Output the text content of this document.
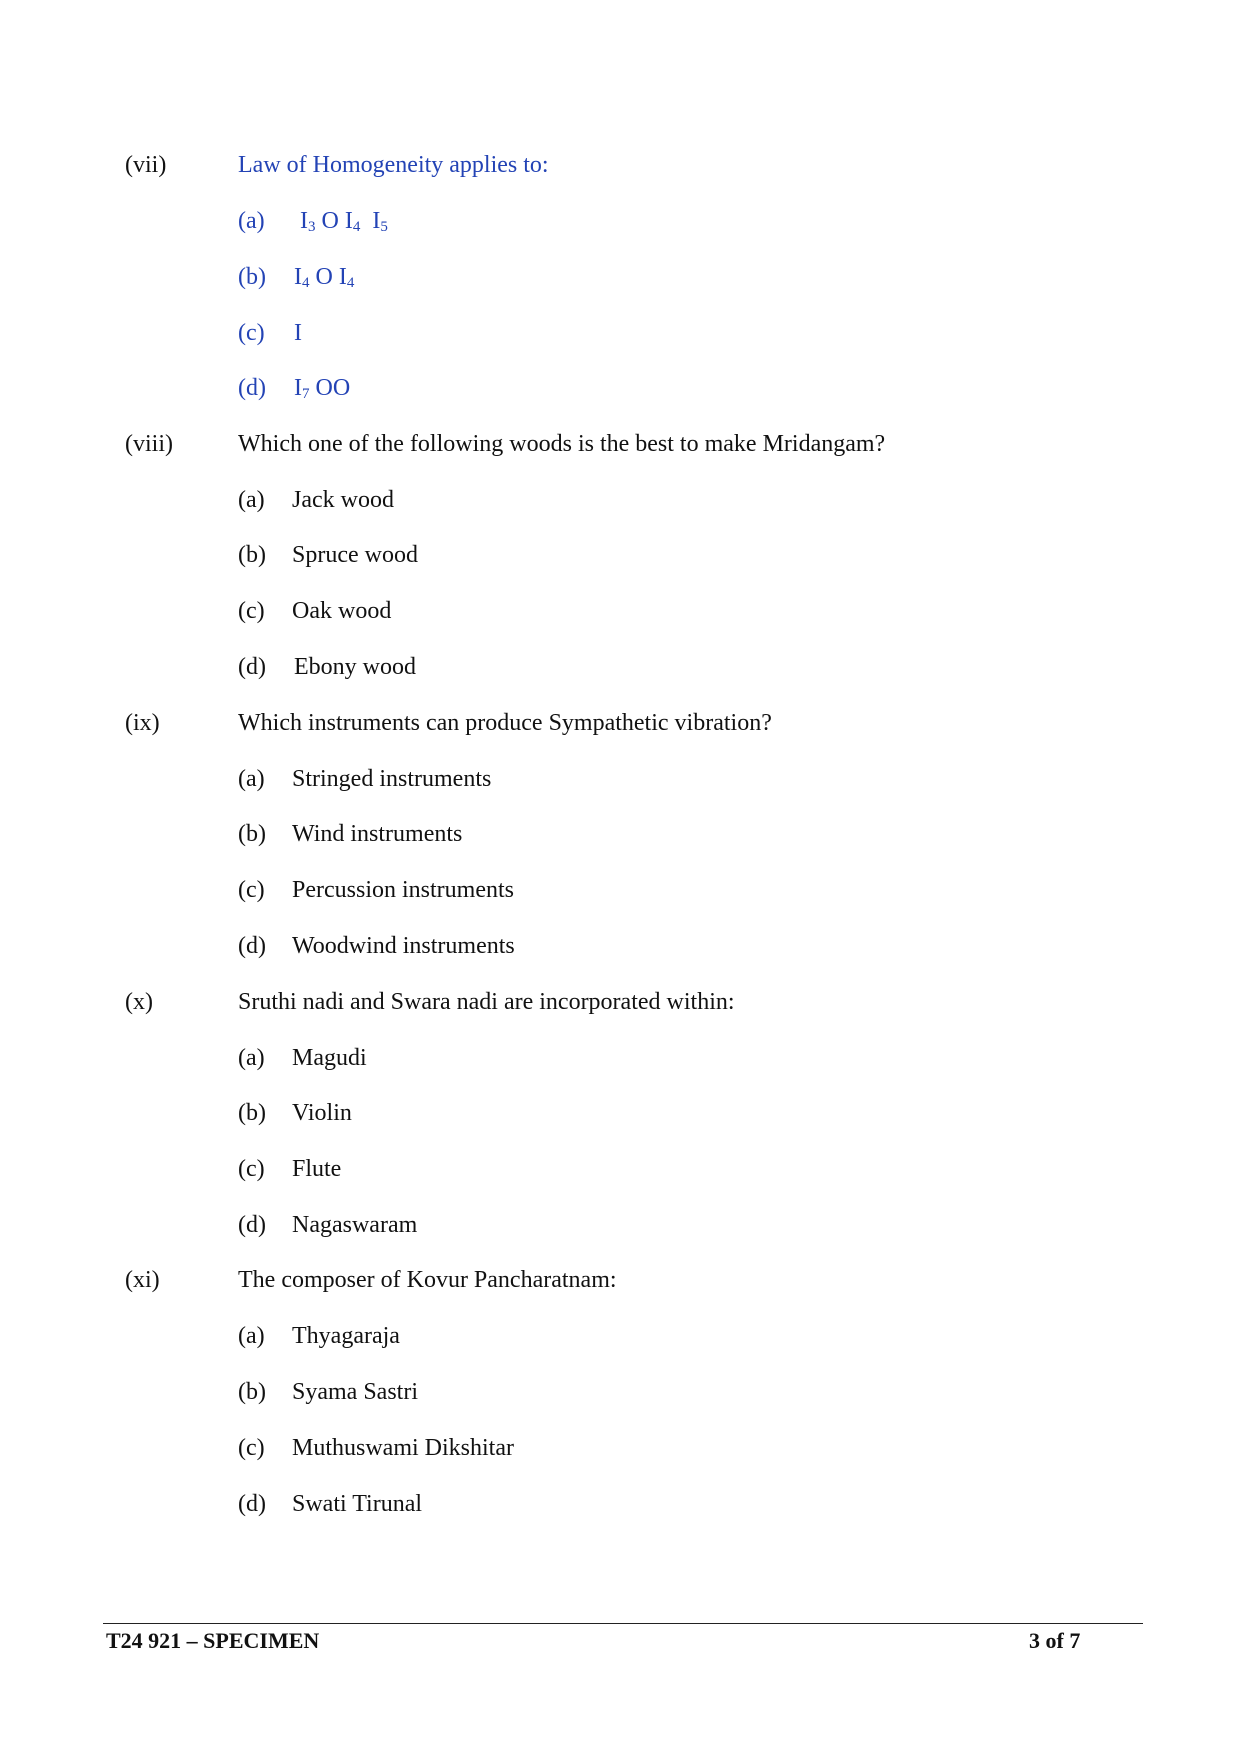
(vii)	Law of Homogeneity applies to:
(a) $I_3$ O $I_4$  $I_5$
(b) $I_4$ O $I_4$
(c) I
(d) $I_7$ OO
(viii)	Which one of the following woods is the best to make Mridangam?
(a) Jack wood
(b) Spruce wood
(c) Oak wood
(d) Ebony wood
(ix)	Which instruments can produce Sympathetic vibration?
(a) Stringed instruments
(b) Wind instruments
(c) Percussion instruments
(d) Woodwind instruments
(x)	Sruthi nadi and Swara nadi are incorporated within:
(a) Magudi
(b) Violin
(c) Flute
(d) Nagaswaram
(xi)	The composer of Kovur Pancharatnam:
(a) Thyagaraja
(b) Syama Sastri
(c) Muthuswami Dikshitar
(d) Swati Tirunal
T24 921 – SPECIMEN	3 of 7
